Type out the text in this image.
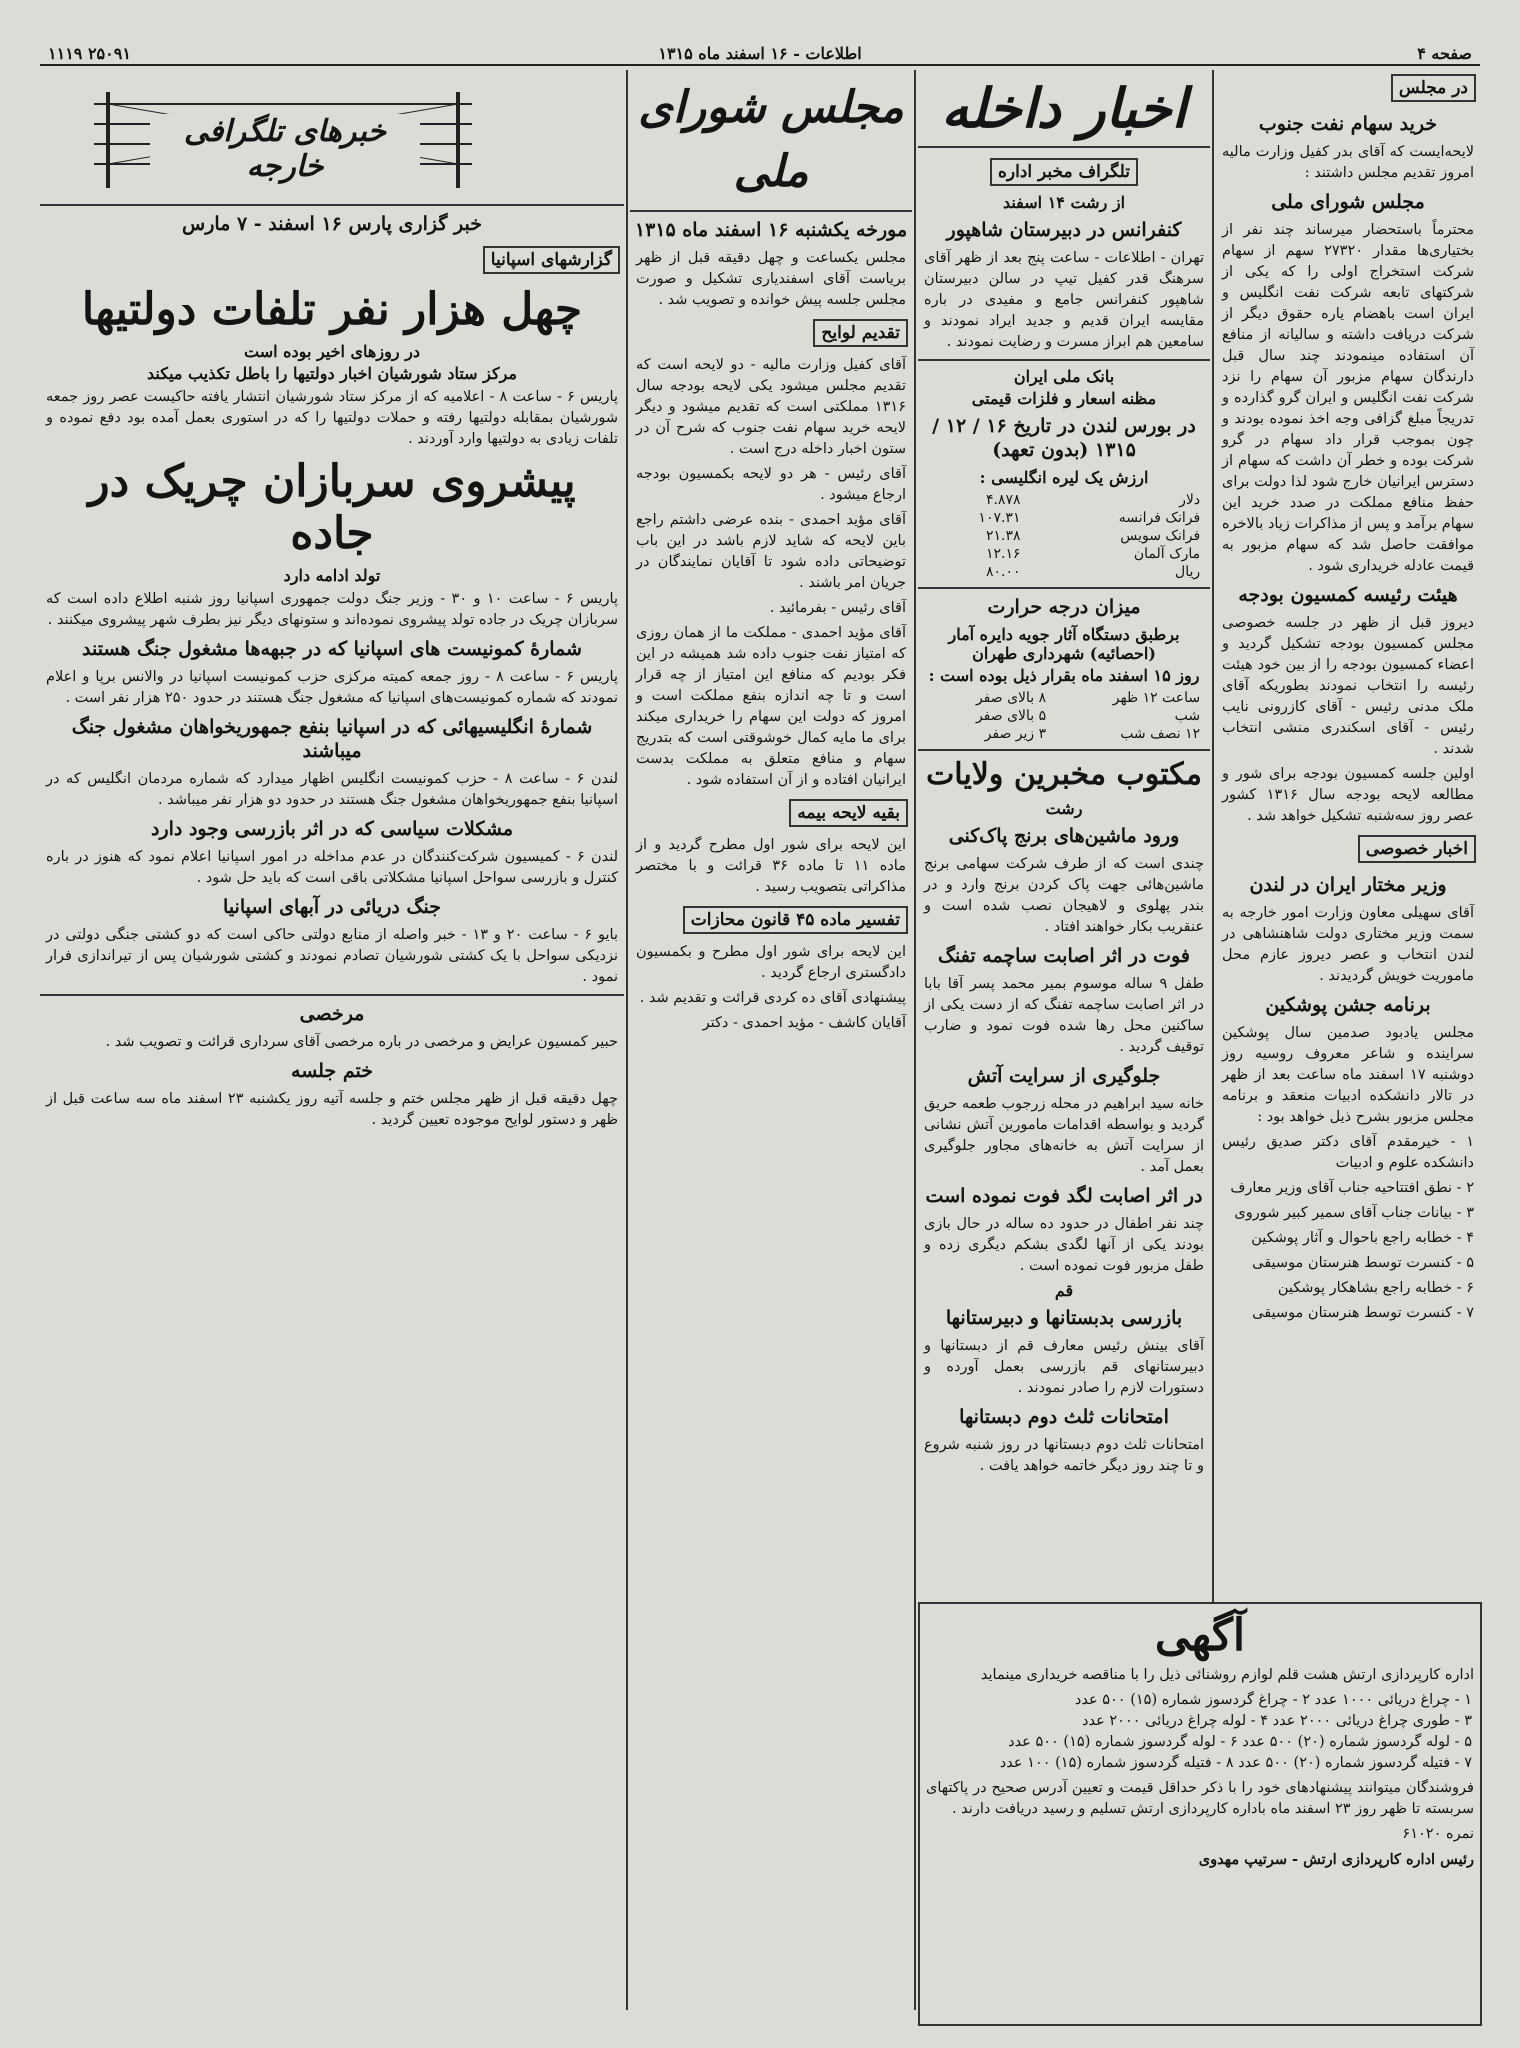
۲۵۰۹۱ ۱۱۱۹	اطلاعات - ۱۶ اسفند ماه ۱۳۱۵	صفحه ۴
در مجلس
خرید سهام نفت جنوب

لایحه‌ایست که آقای بدر کفیل وزارت مالیه امروز تقدیم مجلس داشتند :

مجلس شورای ملی

محترماً باستحضار میرساند چند نفر از بختیاری‌ها مقدار ۲۷۳۲۰ سهم از سهام شرکت استخراج اولی را که یکی از شرکتهای تابعه شرکت نفت انگلیس و ایران است باهضام یاره حقوق دیگر از شرکت دریافت داشته و سالیانه از منافع آن استفاده مینمودند چند سال قبل دارندگان سهام مزبور آن سهام را نزد شرکت نفت انگلیس و ایران گرو گذارده و تدریجاً مبلغ گزافی وجه اخذ نموده بودند و چون بموجب قرار داد سهام در گرو شرکت بوده و خطر آن داشت که سهام از دسترس ایرانیان خارج شود لذا دولت برای حفظ منافع مملکت در صدد خرید این سهام برآمد و پس از مذاکرات زیاد بالاخره موافقت حاصل شد که سهام مزبور به قیمت عادله خریداری شود .

هیئت رئیسه کمسیون بودجه

دیروز قبل از ظهر در جلسه خصوصی مجلس کمسیون بودجه تشکیل گردید و اعضاء کمسیون بودجه را از بین خود هیئت رئیسه را انتخاب نمودند بطوریکه آقای ملک مدنی رئیس - آقای کازرونی نایب رئیس - آقای اسکندری منشی انتخاب شدند .

اولین جلسه کمسیون بودجه برای شور و مطالعه لایحه بودجه سال ۱۳۱۶ کشور عصر روز سه‌شنبه تشکیل خواهد شد .

اخبار خصوصی
وزیر مختار ایران در لندن

آقای سهیلی معاون وزارت امور خارجه به سمت وزیر مختاری دولت شاهنشاهی در لندن انتخاب و عصر دیروز عازم محل ماموریت خویش گردیدند .

برنامه جشن پوشکین

مجلس یادبود صدمین سال پوشکین سراینده و شاعر معروف روسیه روز دوشنبه ۱۷ اسفند ماه ساعت بعد از ظهر در تالار دانشکده ادبیات منعقد و برنامه مجلس مزبور بشرح ذیل خواهد بود :

۱ - خیرمقدم آقای دکتر صدیق رئیس دانشکده علوم و ادبیات

۲ - نطق افتتاحیه جناب آقای وزیر معارف

۳ - بیانات جناب آقای سمیر کبیر شوروی

۴ - خطابه راجع باحوال و آثار پوشکین

۵ - کنسرت توسط هنرستان موسیقی

۶ - خطابه راجع بشاهکار پوشکین

۷ - کنسرت توسط هنرستان موسیقی

اخبار داخله
تلگراف مخبر اداره
از رشت ۱۴ اسفند
کنفرانس در دبیرستان شاهپور

تهران - اطلاعات - ساعت پنج بعد از ظهر آقای سرهنگ قدر کفیل تیپ در سالن دبیرستان شاهپور کنفرانس جامع و مفیدی در باره مقایسه ایران قدیم و جدید ایراد نمودند و سامعین هم ابراز مسرت و رضایت نمودند .

بانک ملی ایران
مظنه اسعار و فلزات قیمتی
در بورس لندن در تاریخ ۱۶ / ۱۲ / ۱۳۱۵ (بدون تعهد)
ارزش یک لیره انگلیسی :
دلار	۴.۸۷۸
فرانک فرانسه	۱۰۷.۳۱
فرانک سویس	۲۱.۳۸
مارک آلمان	۱۲.۱۶
ریال	۸۰.۰۰
میزان درجه حرارت
برطبق دستگاه آثار جویه دایره آمار (احصائیه) شهرداری طهران
روز ۱۵ اسفند ماه بقرار ذیل بوده است :
ساعت ۱۲ ظهر	۸ بالای صفر
شب	۵ بالای صفر
۱۲ نصف شب	۳ زیر صفر
مکتوب مخبرین ولایات
رشت
ورود ماشین‌های برنج پاک‌کنی

چندی است که از طرف شرکت سهامی برنج ماشین‌هائی جهت پاک کردن برنج وارد و در بندر پهلوی و لاهیجان نصب شده است و عنقریب بکار خواهند افتاد .

فوت در اثر اصابت ساچمه تفنگ

طفل ۹ ساله موسوم بمیر محمد پسر آقا بابا در اثر اصابت ساچمه تفنگ که از دست یکی از ساکنین محل رها شده فوت نمود و ضارب توقیف گردید .

جلوگیری از سرایت آتش

خانه سید ابراهیم در محله زرجوب طعمه حریق گردید و بواسطه اقدامات مامورین آتش نشانی از سرایت آتش به خانه‌های مجاور جلوگیری بعمل آمد .

در اثر اصابت لگد فوت نموده است

چند نفر اطفال در حدود ده ساله در حال بازی بودند یکی از آنها لگدی بشکم دیگری زده و طفل مزبور فوت نموده است .

قم
بازرسی بدبستانها و دبیرستانها

آقای بینش رئیس معارف قم از دبستانها و دبیرستانهای قم بازرسی بعمل آورده و دستورات لازم را صادر نمودند .

امتحانات ثلث دوم دبستانها

امتحانات ثلث دوم دبستانها در روز شنبه شروع و تا چند روز دیگر خاتمه خواهد یافت .

مجلس شورای ملی
مورخه یکشنبه ۱۶ اسفند ماه ۱۳۱۵

مجلس یکساعت و چهل دقیقه قبل از ظهر بریاست آقای اسفندیاری تشکیل و صورت مجلس جلسه پیش خوانده و تصویب شد .

تقدیم لوایح

آقای کفیل وزارت مالیه - دو لایحه است که تقدیم مجلس میشود یکی لایحه بودجه سال ۱۳۱۶ مملکتی است که تقدیم میشود و دیگر لایحه خرید سهام نفت جنوب که شرح آن در ستون اخبار داخله درج است .

آقای رئیس - هر دو لایحه بکمسیون بودجه ارجاع میشود .

آقای مؤید احمدی - بنده عرضی داشتم راجع باین لایحه که شاید لازم باشد در این باب توضیحاتی داده شود تا آقایان نمایندگان در جریان امر باشند .

آقای رئیس - بفرمائید .

آقای مؤید احمدی - مملکت ما از همان روزی که امتیاز نفت جنوب داده شد همیشه در این فکر بودیم که منافع این امتیاز از چه قرار است و تا چه اندازه بنفع مملکت است و امروز که دولت این سهام را خریداری میکند برای ما مایه کمال خوشوقتی است که بتدریج سهام و منافع متعلق به مملکت بدست ایرانیان افتاده و از آن استفاده شود .

بقیه لایحه بیمه

این لایحه برای شور اول مطرح گردید و از ماده ۱۱ تا ماده ۳۶ قرائت و با مختصر مذاکراتی بتصویب رسید .

تفسیر ماده ۴۵ قانون محازات

این لایحه برای شور اول مطرح و بکمسیون دادگستری ارجاع گردید .

پیشنهادی آقای ده کردی قرائت و تقدیم شد .

آقایان کاشف - مؤید احمدی - دکتر

خبرهای تلگرافی خارجه
خبر گزاری پارس ۱۶ اسفند - ۷ مارس
گزارشهای اسپانیا
چهل هزار نفر تلفات دولتیها
در روزهای اخیر بوده است
مرکز ستاد شورشیان اخبار دولتیها را باطل تکذیب میکند

پاریس ۶ - ساعت ۸ - اعلامیه که از مرکز ستاد شورشیان انتشار یافته حاکیست عصر روز جمعه شورشیان بمقابله دولتیها رفته و حملات دولتیها را که در استوری بعمل آمده بود دفع نموده و تلفات زیادی به دولتیها وارد آوردند .

پیشروی سربازان چریک در جاده
تولد ادامه دارد

پاریس ۶ - ساعت ۱۰ و ۳۰ - وزیر جنگ دولت جمهوری اسپانیا روز شنبه اطلاع داده است که سربازان چریک در جاده تولد پیشروی نموده‌اند و ستونهای دیگر نیز بطرف شهر پیشروی میکنند .

شمارهٔ کمونیست های اسپانیا که در جبهه‌ها مشغول جنگ هستند

پاریس ۶ - ساعت ۸ - روز جمعه کمیته مرکزی حزب کمونیست اسپانیا در والانس برپا و اعلام نمودند که شماره کمونیست‌های اسپانیا که مشغول جنگ هستند در حدود ۲۵۰ هزار نفر است .

شمارهٔ انگلیسیهائی که در اسپانیا بنفع جمهوریخواهان مشغول جنگ میباشند

لندن ۶ - ساعت ۸ - حزب کمونیست انگلیس اظهار میدارد که شماره مردمان انگلیس که در اسپانیا بنفع جمهوریخواهان مشغول جنگ هستند در حدود دو هزار نفر میباشد .

مشکلات سیاسی که در اثر بازرسی وجود دارد

لندن ۶ - کمیسیون شرکت‌کنندگان در عدم مداخله در امور اسپانیا اعلام نمود که هنوز در باره کنترل و بازرسی سواحل اسپانیا مشکلاتی باقی است که باید حل شود .

جنگ دریائی در آبهای اسپانیا

بایو ۶ - ساعت ۲۰ و ۱۳ - خبر واصله از منابع دولتی حاکی است که دو کشتی جنگی دولتی در نزدیکی سواحل با یک کشتی شورشیان تصادم نمودند و کشتی شورشیان پس از تیراندازی فرار نمود .

مرخصی

حبیر کمسیون عرایض و مرخصی در باره مرخصی آقای سرداری قرائت و تصویب شد .

ختم جلسه

چهل دقیقه قبل از ظهر مجلس ختم و جلسه آتیه روز یکشنبه ۲۳ اسفند ماه سه ساعت قبل از ظهر و دستور لوایح موجوده تعیین گردید .

آگهی

اداره کارپردازی ارتش هشت قلم لوازم روشنائی ذیل را با مناقصه خریداری مینماید

۱ - چراغ دریائی ۱۰۰۰ عدد ۲ - چراغ گردسوز شماره (۱۵) ۵۰۰ عدد
۳ - طوری چراغ دریائی ۲۰۰۰ عدد ۴ - لوله چراغ دریائی ۲۰۰۰ عدد
۵ - لوله گردسوز شماره (۲۰) ۵۰۰ عدد ۶ - لوله گردسوز شماره (۱۵) ۵۰۰ عدد
۷ - فتیله گردسوز شماره (۲۰) ۵۰۰ عدد ۸ - فتیله گردسوز شماره (۱۵) ۱۰۰ عدد

فروشندگان میتوانند پیشنهادهای خود را با ذکر حداقل قیمت و تعیین آدرس صحیح در پاکتهای سربسته تا ظهر روز ۲۳ اسفند ماه باداره کارپردازی ارتش تسلیم و رسید دریافت دارند .

نمره ۶۱۰۲۰

رئیس اداره کارپردازی ارتش - سرتیپ مهدوی
